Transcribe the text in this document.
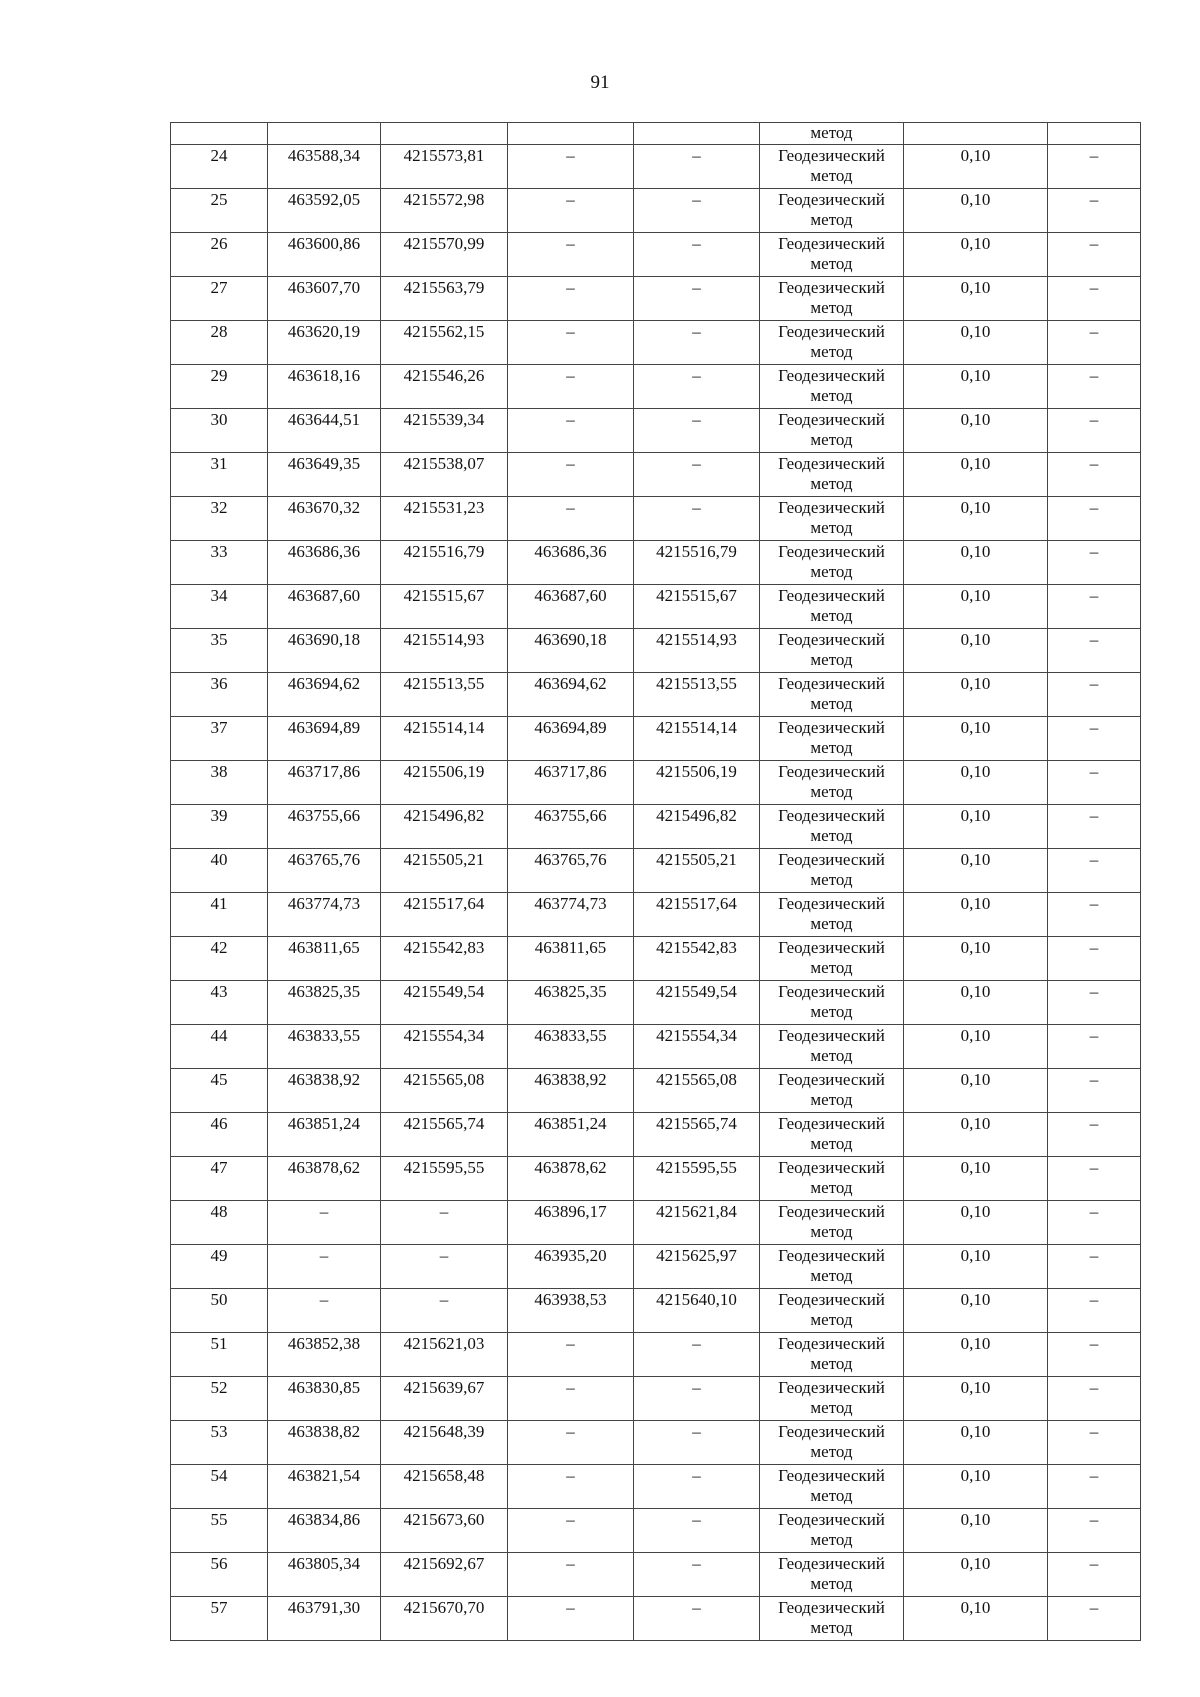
91
					метод		
24	463588,34	4215573,81	–	–	Геодезический
метод	0,10	–
25	463592,05	4215572,98	–	–	Геодезический
метод	0,10	–
26	463600,86	4215570,99	–	–	Геодезический
метод	0,10	–
27	463607,70	4215563,79	–	–	Геодезический
метод	0,10	–
28	463620,19	4215562,15	–	–	Геодезический
метод	0,10	–
29	463618,16	4215546,26	–	–	Геодезический
метод	0,10	–
30	463644,51	4215539,34	–	–	Геодезический
метод	0,10	–
31	463649,35	4215538,07	–	–	Геодезический
метод	0,10	–
32	463670,32	4215531,23	–	–	Геодезический
метод	0,10	–
33	463686,36	4215516,79	463686,36	4215516,79	Геодезический
метод	0,10	–
34	463687,60	4215515,67	463687,60	4215515,67	Геодезический
метод	0,10	–
35	463690,18	4215514,93	463690,18	4215514,93	Геодезический
метод	0,10	–
36	463694,62	4215513,55	463694,62	4215513,55	Геодезический
метод	0,10	–
37	463694,89	4215514,14	463694,89	4215514,14	Геодезический
метод	0,10	–
38	463717,86	4215506,19	463717,86	4215506,19	Геодезический
метод	0,10	–
39	463755,66	4215496,82	463755,66	4215496,82	Геодезический
метод	0,10	–
40	463765,76	4215505,21	463765,76	4215505,21	Геодезический
метод	0,10	–
41	463774,73	4215517,64	463774,73	4215517,64	Геодезический
метод	0,10	–
42	463811,65	4215542,83	463811,65	4215542,83	Геодезический
метод	0,10	–
43	463825,35	4215549,54	463825,35	4215549,54	Геодезический
метод	0,10	–
44	463833,55	4215554,34	463833,55	4215554,34	Геодезический
метод	0,10	–
45	463838,92	4215565,08	463838,92	4215565,08	Геодезический
метод	0,10	–
46	463851,24	4215565,74	463851,24	4215565,74	Геодезический
метод	0,10	–
47	463878,62	4215595,55	463878,62	4215595,55	Геодезический
метод	0,10	–
48	–	–	463896,17	4215621,84	Геодезический
метод	0,10	–
49	–	–	463935,20	4215625,97	Геодезический
метод	0,10	–
50	–	–	463938,53	4215640,10	Геодезический
метод	0,10	–
51	463852,38	4215621,03	–	–	Геодезический
метод	0,10	–
52	463830,85	4215639,67	–	–	Геодезический
метод	0,10	–
53	463838,82	4215648,39	–	–	Геодезический
метод	0,10	–
54	463821,54	4215658,48	–	–	Геодезический
метод	0,10	–
55	463834,86	4215673,60	–	–	Геодезический
метод	0,10	–
56	463805,34	4215692,67	–	–	Геодезический
метод	0,10	–
57	463791,30	4215670,70	–	–	Геодезический
метод	0,10	–
